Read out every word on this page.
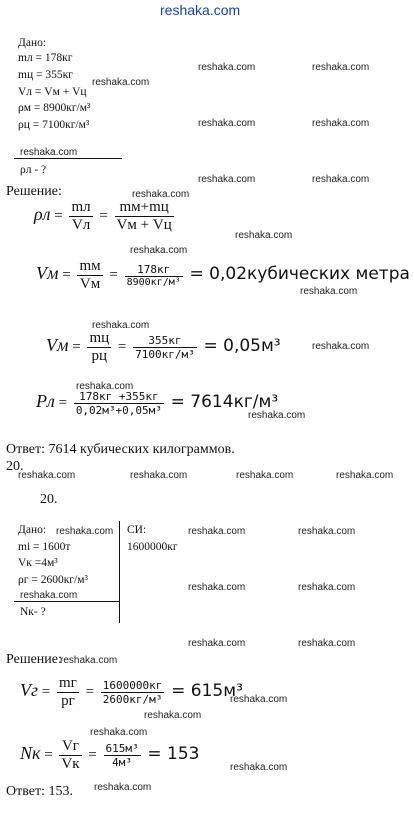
reshaka.com
Дано:
mл = 178кг
mц = 355кг
Vл = Vм + Vц
ρм = 8900кг/м³
ρц = 7100кг/м³
ρл - ?
Решение:
$\rho л = \frac{mл}{Vл} = \frac{mм+mц}{Vм + Vц}$
Vм = $\frac{mм}{Vм} = \frac{178кг}{\text{8900кг/м³}}$ = 0,02кубических метра
Vм = $\frac{mц}{pц} = \frac{355кг}{\text{7100кг/м³}} = 0,05м^3$
Pл = $\frac{178кг +355кг}{\text{0,02м³+0,05м³}} = 7614кг/м^3$
Ответ: 7614 кубических килограммов.
20.
20.
Дано:	СИ:
mi = 1600т	1600000кг
Vк =4м³
ρг = 2600кг/м³
Nк- ?
Решение:
Vг = $\frac{mг}{pг} = \frac{1600000кг}{\text{2600кг/м³}} = 615м^3$
Nк = $\frac{Vг}{Vк} = \frac{\text{615м³}}{\text{4м³}} = 153$
Ответ: 153.
reshaka.com
reshaka.com	reshaka.com
reshaka.com	reshaka.com
reshaka.com
reshaka.com	reshaka.com
reshaka.com
reshaka.com
reshaka.com
reshaka.com
reshaka.com
reshaka.com
reshaka.com
reshaka.com
reshaka.com	reshaka.com	reshaka.com	reshaka.com
reshaka.com	reshaka.com	reshaka.com
reshaka.com	reshaka.com
reshaka.com
reshaka.com	reshaka.com
reshaka.com
reshaka.com
reshaka.com
reshaka.com
reshaka.com
reshaka.com
